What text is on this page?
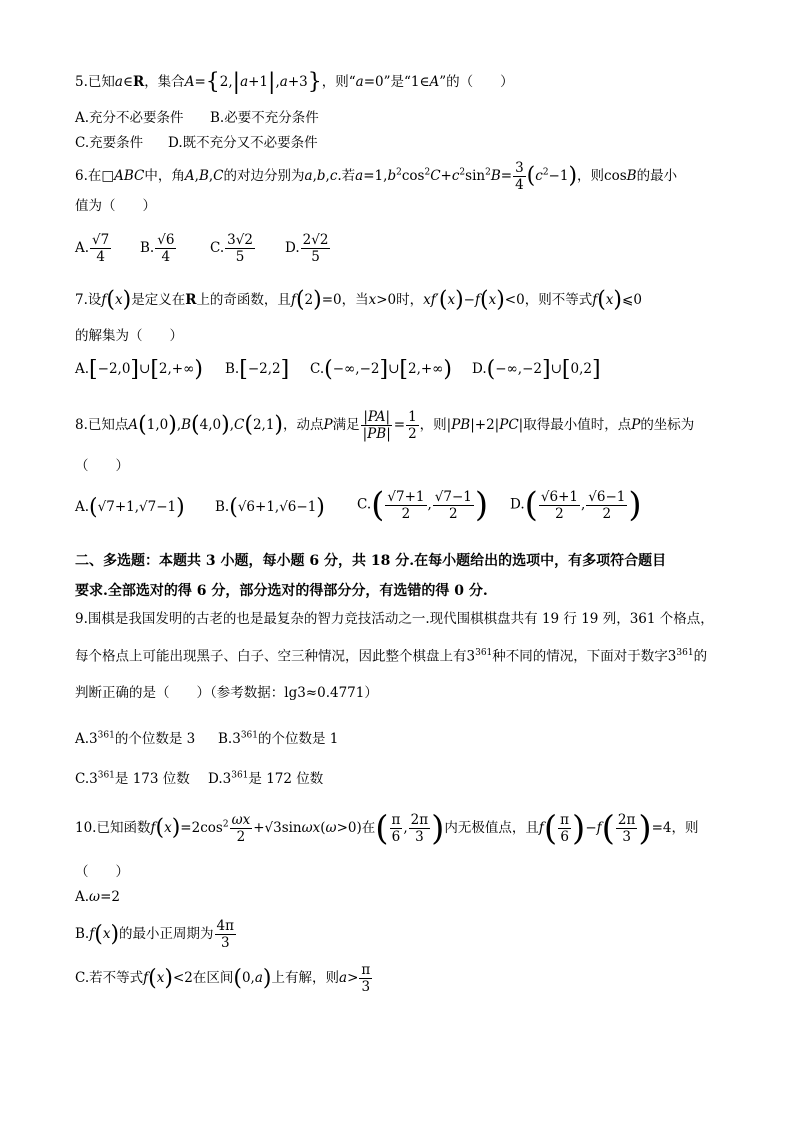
5.已知a∈R，集合A={2,|a+1|,a+3}，则“a=0”是“1∈A”的（　　）
A.充分不必要条件 B.必要不充分条件
C.充要条件 D.既不充分又不必要条件
6.在□ABC中，角A,B,C的对边分别为a,b,c.若$a=1,b^2\cos^2C+c^2\sin^2B= \frac{3}{4} (c^2-1)$，则cosB的最小
值为（　　）
A. $\frac{√7}{4} B$. $\frac{√6}{4} C$. $\frac{3√2}{5} D$. $\frac{2√2}{5}$
7.设f(x)是定义在R上的奇函数，且f(2)=0，当x>0时，xf′(x)−f(x)<0，则不等式f(x)⩽0
的解集为（　　）
A.[−2,0]∪[2,+∞) B.[−2,2] C.(−∞,−2]∪[2,+∞) D.(−∞,−2]∪[0,2]
8.已知点A(1,0),B(4,0),C(2,1)，动点P满足 $\frac{|PA|}{|PB|} = \frac{1}{2}$ ，则|PB|+2|PC|取得最小值时，点P的坐标为
（　　）
A.(√7+1,√7−1) B.(√6+1,√6−1) $C.( \frac{√7+1}{2}$ , $\frac{√7-1}{2}$ ) $D.( \frac{√6+1}{2}$ , $\frac{√6-1}{2}$ )
二、多选题：本题共 3 小题，每小题 6 分，共 18 分.在每小题给出的选项中，有多项符合题目
要求.全部选对的得 6 分，部分选对的得部分分，有选错的得 0 分.
9.围棋是我国发明的古老的也是最复杂的智力竞技活动之一.现代围棋棋盘共有 19 行 19 列，361 个格点，
每个格点上可能出现黑子、白子、空三种情况，因此整个棋盘上有$3^{361}$种不同的情况，下面对于数字$3^{361}$的
判断正确的是（　　）（参考数据：lg3≈0.4771）
$A.3^{361}$的个位数是 3 $B.3^{361}$的个位数是 1
$C.3^{361}$是 173 位数 $D.3^{361}$是 172 位数
10.已知函数$f(x)=2\cos^2 \frac{\omega x}{2} +√3\sin\omega x(\omega>0)$在( $\frac{\pi}{6}$ , $\frac{2\pi}{3}$ )内无极值点，且$f( \frac{\pi}{6} )-f( \frac{2\pi}{3} )=4$，则
（　　）
A.ω=2
B.f(x)的最小正周期为 $\frac{4\pi}{3}$
C.若不等式f(x)<2在区间(0,a)上有解，则$a> \frac{\pi}{3}$
